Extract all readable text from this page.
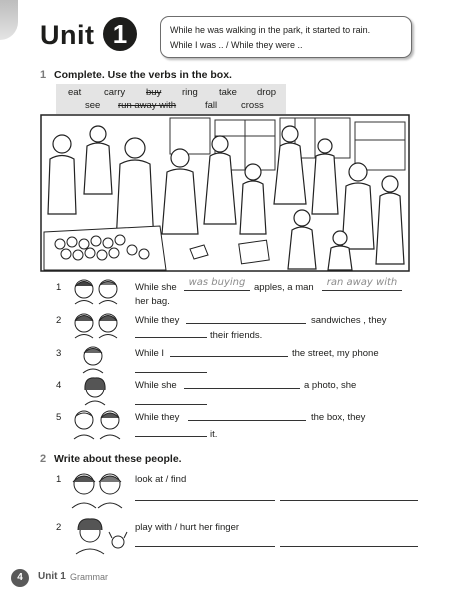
Unit 1	While he was walking in the park, it started to rain.
While I was .. / While they were ..
1 Complete. Use the verbs in the box.
eat carry buy ring take drop
see run away with	fall	cross
1	While she	was buying apples, a man	ran away with
her bag.
2	While they	sandwiches , they
their friends.
3	While I	the street, my phone
4	While she	a photo, she
5	While they	the box, they
it.
2 Write about these people.
1	look at / find
2	play with / hurt her finger
4	Unit 1 Grammar
